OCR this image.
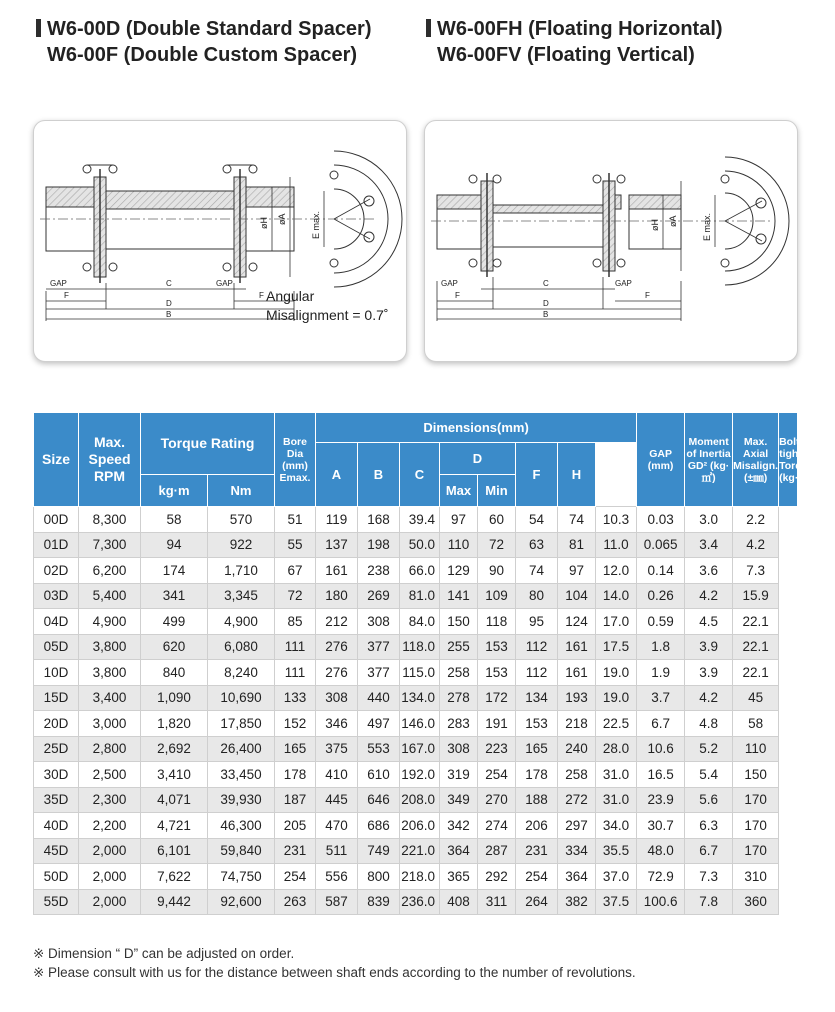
W6-00D (Double Standard Spacer)
W6-00F (Double Custom Spacer)
W6-00FH (Floating Horizontal)
W6-00FV (Floating Vertical)
øH øA	E max.
GAP	GAP
C
F	F
D
B
Angular
Misalignment = 0.7˚
øH øA	E max.
GAP	GAP
C
F	F
D
B
Size	Max. Speed RPM	Torque Rating		Bore Dia (mm) Emax.	Dimensions(mm)								GAP (mm)	Moment of Inertia GD² (kg·㎡)	Max. Axial Misalign. (±㎜)	Bolt tighten Torque (kg·m)
					A	B	C	D		F	H					
		kg·m	Nm					Max	Min							
00D	8,300	58	570	51	119	168	39.4	97	60	54	74	10.3	0.03	3.0	2.2	
01D	7,300	94	922	55	137	198	50.0	110	72	63	81	11.0	0.065	3.4	4.2	
02D	6,200	174	1,710	67	161	238	66.0	129	90	74	97	12.0	0.14	3.6	7.3	
03D	5,400	341	3,345	72	180	269	81.0	141	109	80	104	14.0	0.26	4.2	15.9	
04D	4,900	499	4,900	85	212	308	84.0	150	118	95	124	17.0	0.59	4.5	22.1	
05D	3,800	620	6,080	111	276	377	118.0	255	153	112	161	17.5	1.8	3.9	22.1	
10D	3,800	840	8,240	111	276	377	115.0	258	153	112	161	19.0	1.9	3.9	22.1	
15D	3,400	1,090	10,690	133	308	440	134.0	278	172	134	193	19.0	3.7	4.2	45	
20D	3,000	1,820	17,850	152	346	497	146.0	283	191	153	218	22.5	6.7	4.8	58	
25D	2,800	2,692	26,400	165	375	553	167.0	308	223	165	240	28.0	10.6	5.2	110	
30D	2,500	3,410	33,450	178	410	610	192.0	319	254	178	258	31.0	16.5	5.4	150	
35D	2,300	4,071	39,930	187	445	646	208.0	349	270	188	272	31.0	23.9	5.6	170	
40D	2,200	4,721	46,300	205	470	686	206.0	342	274	206	297	34.0	30.7	6.3	170	
45D	2,000	6,101	59,840	231	511	749	221.0	364	287	231	334	35.5	48.0	6.7	170	
50D	2,000	7,622	74,750	254	556	800	218.0	365	292	254	364	37.0	72.9	7.3	310	
55D	2,000	9,442	92,600	263	587	839	236.0	408	311	264	382	37.5	100.6	7.8	360	
※ Dimension “ D” can be adjusted on order.
※ Please consult with us for the distance between shaft ends according to the number of revolutions.
